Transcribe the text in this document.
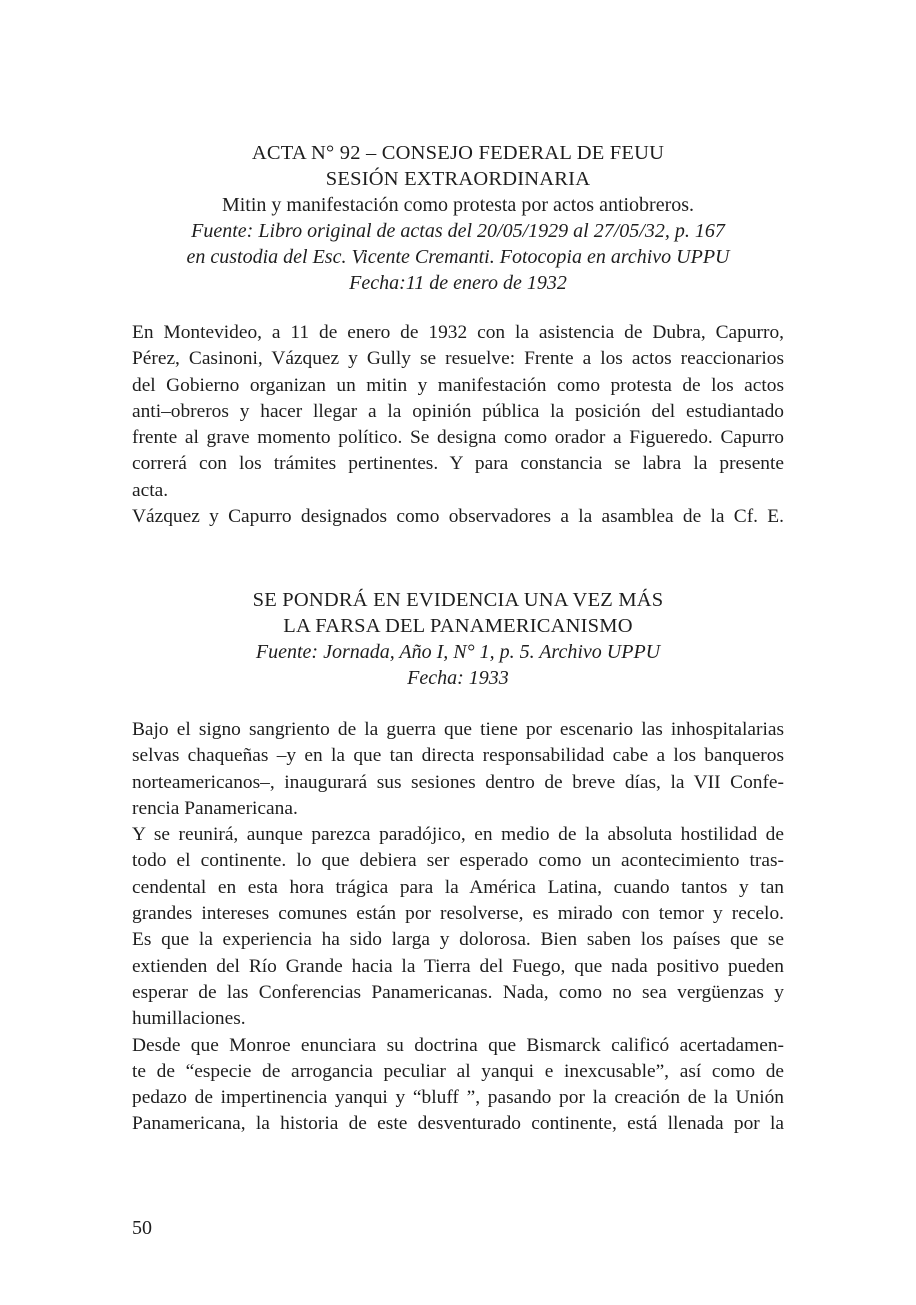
ACTA N° 92 – CONSEJO FEDERAL DE FEUU
SESIÓN EXTRAORDINARIA
Mitin y manifestación como protesta por actos antiobreros.
Fuente: Libro original de actas del 20/05/1929 al 27/05/32, p. 167
en custodia del Esc. Vicente Cremanti. Fotocopia en archivo UPPU
Fecha:11 de enero de 1932
En Montevideo, a 11 de enero de 1932 con la asistencia de Dubra, Capurro,
Pérez, Casinoni, Vázquez y Gully se resuelve: Frente a los actos reaccionarios
del Gobierno organizan un mitin y manifestación como protesta de los actos
anti–obreros y hacer llegar a la opinión pública la posición del estudiantado
frente al grave momento político. Se designa como orador a Figueredo. Capurro
correrá con los trámites pertinentes. Y para constancia se labra la presente
acta.
Vázquez y Capurro designados como observadores a la asamblea de la Cf. E.
SE PONDRÁ EN EVIDENCIA UNA VEZ MÁS
LA FARSA DEL PANAMERICANISMO
Fuente: Jornada, Año I, N° 1, p. 5. Archivo UPPU
Fecha: 1933
Bajo el signo sangriento de la guerra que tiene por escenario las inhospitalarias
selvas chaqueñas –y en la que tan directa responsabilidad cabe a los banqueros
norteamericanos–, inaugurará sus sesiones dentro de breve días, la VII Confe-
rencia Panamericana.
Y se reunirá, aunque parezca paradójico, en medio de la absoluta hostilidad de
todo el continente. lo que debiera ser esperado como un acontecimiento tras-
cendental en esta hora trágica para la América Latina, cuando tantos y tan
grandes intereses comunes están por resolverse, es mirado con temor y recelo.
Es que la experiencia ha sido larga y dolorosa. Bien saben los países que se
extienden del Río Grande hacia la Tierra del Fuego, que nada positivo pueden
esperar de las Conferencias Panamericanas. Nada, como no sea vergüenzas y
humillaciones.
Desde que Monroe enunciara su doctrina que Bismarck calificó acertadamen-
te de “especie de arrogancia peculiar al yanqui e inexcusable”, así como de
pedazo de impertinencia yanqui y “bluff ”, pasando por la creación de la Unión
Panamericana, la historia de este desventurado continente, está llenada por la
50
